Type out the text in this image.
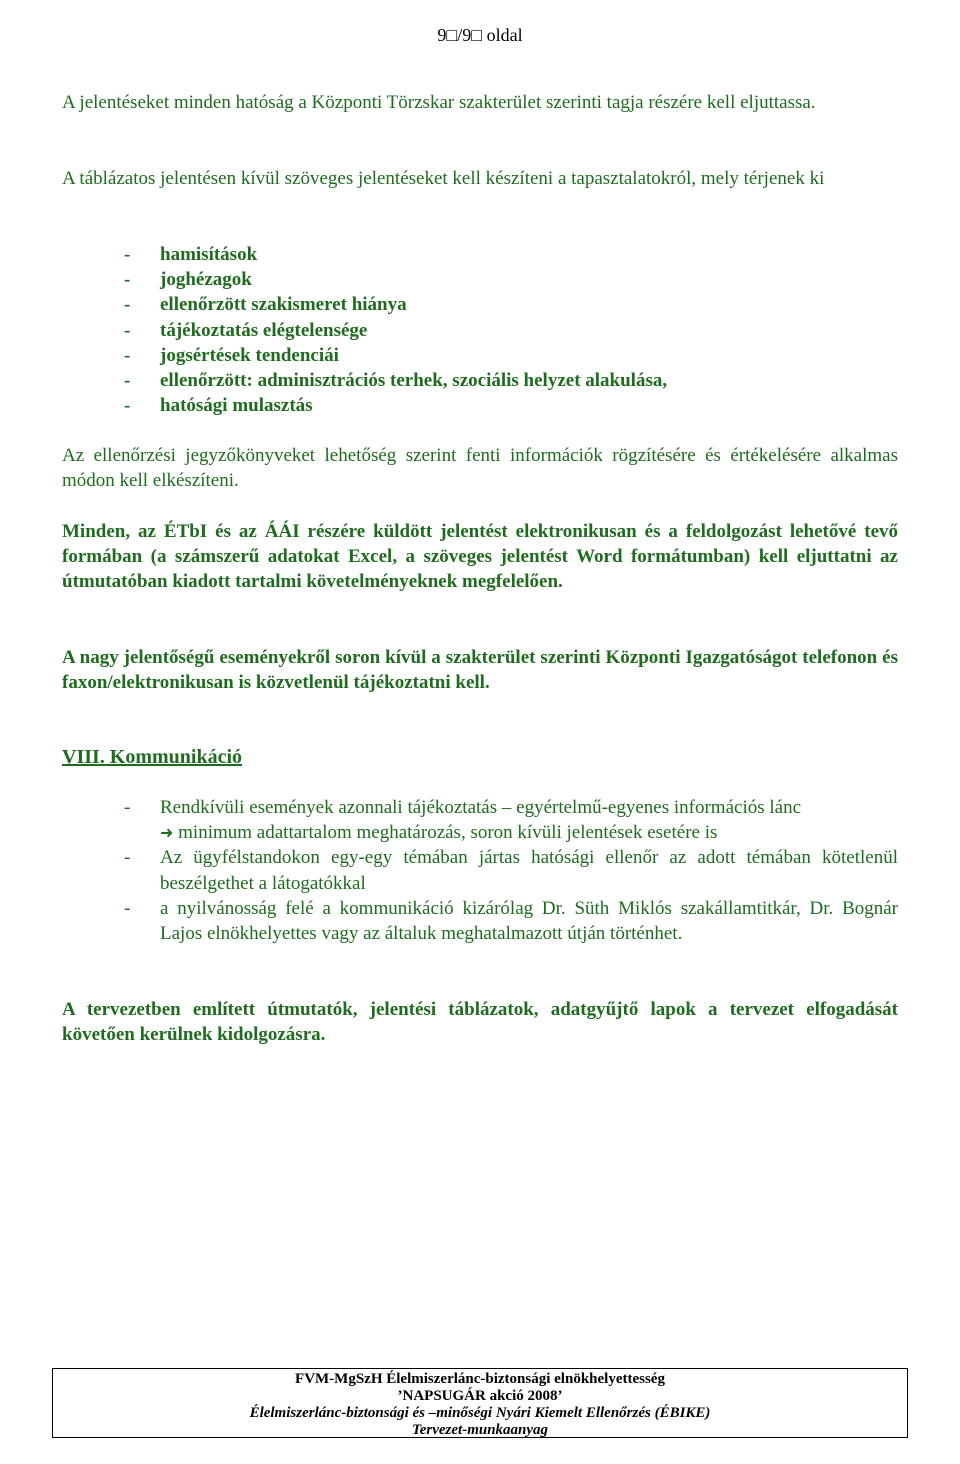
9□/9□ oldal
A jelentéseket minden hatóság a Központi Törzskar szakterület szerinti tagja részére kell eljuttassa.
A táblázatos jelentésen kívül szöveges jelentéseket kell készíteni a tapasztalatokról, mely térjenek ki
- hamisítások
- joghézagok
- ellenőrzött szakismeret hiánya
- tájékoztatás elégtelensége
- jogsértések tendenciái
- ellenőrzött: adminisztrációs terhek, szociális helyzet alakulása,
- hatósági mulasztás
Az ellenőrzési jegyzőkönyveket lehetőség szerint fenti információk rögzítésére és értékelésére alkalmas módon kell elkészíteni.
Minden, az ÉTbI és az ÁÁI részére küldött jelentést elektronikusan és a feldolgozást lehetővé tevő formában (a számszerű adatokat Excel, a szöveges jelentést Word formátumban) kell eljuttatni az útmutatóban kiadott tartalmi követelményeknek megfelelően.
A nagy jelentőségű eseményekről soron kívül a szakterület szerinti Központi Igazgatóságot telefonon és faxon/elektronikusan is közvetlenül tájékoztatni kell.
VIII. Kommunikáció
- Rendkívüli események azonnali tájékoztatás – egyértelmű-egyenes információs lánc
➜ minimum adattartalom meghatározás, soron kívüli jelentések esetére is
- Az ügyfélstandokon egy-egy témában jártas hatósági ellenőr az adott témában kötetlenül beszélgethet a látogatókkal
- a nyilvánosság felé a kommunikáció kizárólag Dr. Süth Miklós szakállamtitkár, Dr. Bognár Lajos elnökhelyettes vagy az általuk meghatalmazott útján történhet.
A tervezetben említett útmutatók, jelentési táblázatok, adatgyűjtő lapok a tervezet elfogadását követően kerülnek kidolgozásra.
FVM-MgSzH Élelmiszerlánc-biztonsági elnökhelyettesség
’NAPSUGÁR akció 2008’
Élelmiszerlánc-biztonsági és –minőségi Nyári Kiemelt Ellenőrzés (ÉBIKE)
Tervezet-munkaanyag
